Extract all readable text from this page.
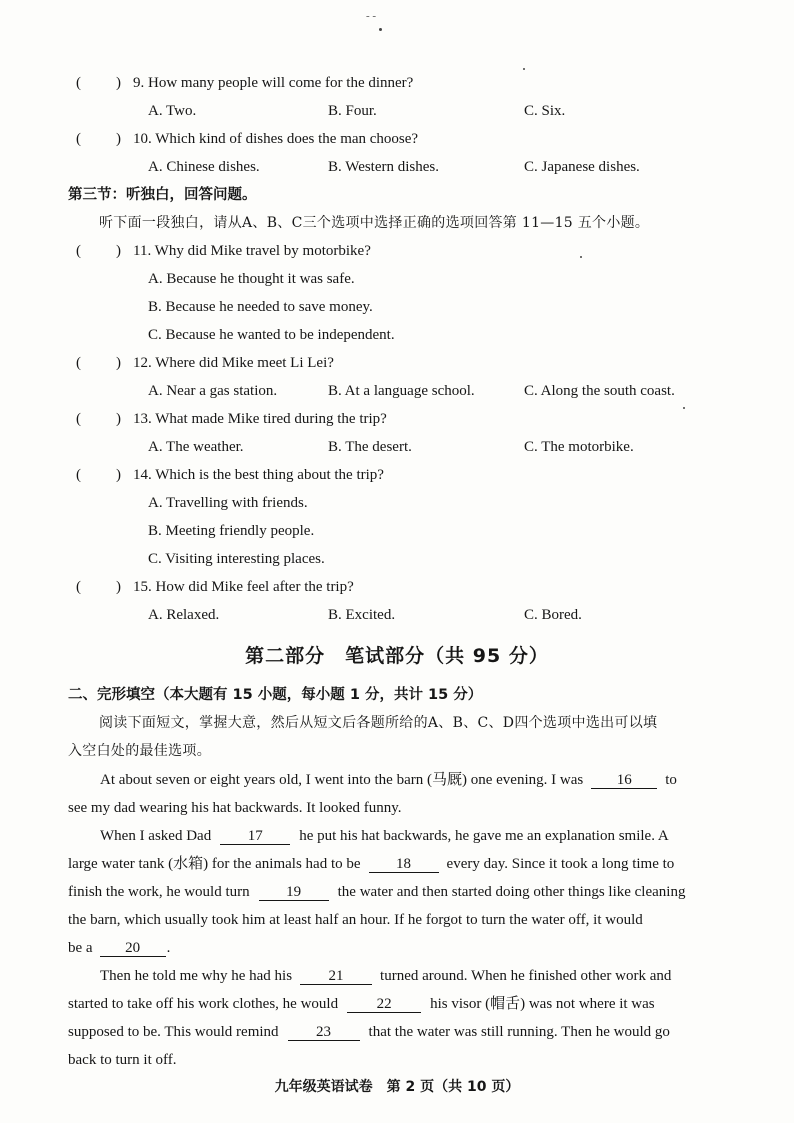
- -
( ) 9. How many people will come for the dinner?
A. Two.	B. Four.	C. Six.
( ) 10. Which kind of dishes does the man choose?
A. Chinese dishes.	B. Western dishes.	C. Japanese dishes.
第三节：听独白，回答问题。
听下面一段独白，请从A、B、C三个选项中选择正确的选项回答第 11—15 五个小题。
( ) 11. Why did Mike travel by motorbike?
A. Because he thought it was safe.
B. Because he needed to save money.
C. Because he wanted to be independent.
( ) 12. Where did Mike meet Li Lei?
A. Near a gas station.	B. At a language school.	C. Along the south coast.
( ) 13. What made Mike tired during the trip?
A. The weather.	B. The desert.	C. The motorbike.
( ) 14. Which is the best thing about the trip?
A. Travelling with friends.
B. Meeting friendly people.
C. Visiting interesting places.
( ) 15. How did Mike feel after the trip?
A. Relaxed.	B. Excited.	C. Bored.
第二部分　笔试部分（共 95 分）
二、完形填空（本大题有 15 小题，每小题 1 分，共计 15 分）
阅读下面短文，掌握大意，然后从短文后各题所给的A、B、C、D四个选项中选出可以填
入空白处的最佳选项。
At about seven or eight years old, I went into the barn (马厩) one evening. I was 16 to
see my dad wearing his hat backwards. It looked funny.
When I asked Dad 17 he put his hat backwards, he gave me an explanation smile. A
large water tank (水箱) for the animals had to be 18 every day. Since it took a long time to
finish the work, he would turn 19 the water and then started doing other things like cleaning
the barn, which usually took him at least half an hour. If he forgot to turn the water off, it would
be a 20 .
Then he told me why he had his 21 turned around. When he finished other work and
started to take off his work clothes, he would	22	his visor (帽舌) was not where it was
supposed to be. This would remind	23	that the water was still running. Then he would go
back to turn it off.
九年级英语试卷　第 2 页（共 10 页）
